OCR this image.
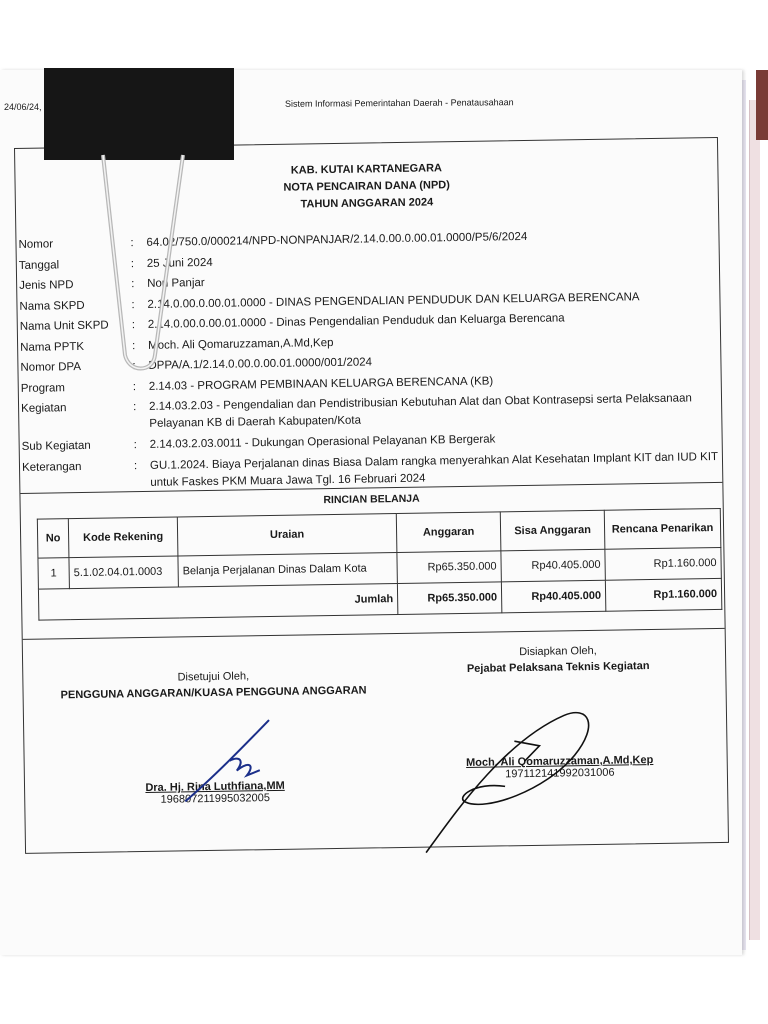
24/06/24,	Sistem Informasi Pemerintahan Daerah - Penatausahaan
KAB. KUTAI KARTANEGARA
NOTA PENCAIRAN DANA (NPD)
TAHUN ANGGARAN 2024
Nomor	:	64.02/750.0/000214/NPD-NONPANJAR/2.14.0.00.0.00.01.0000/P5/6/2024
Tanggal	:	25 Juni 2024
Jenis NPD	:	Non Panjar
Nama SKPD	:	2.14.0.00.0.00.01.0000 - DINAS PENGENDALIAN PENDUDUK DAN KELUARGA BERENCANA
Nama Unit SKPD	:	2.14.0.00.0.00.01.0000 - Dinas Pengendalian Penduduk dan Keluarga Berencana
Nama PPTK	:	Moch. Ali Qomaruzzaman,A.Md,Kep
Nomor DPA	:	DPPA/A.1/2.14.0.00.0.00.01.0000/001/2024
Program	:	2.14.03 - PROGRAM PEMBINAAN KELUARGA BERENCANA (KB)
Kegiatan	:	2.14.03.2.03 - Pengendalian dan Pendistribusian Kebutuhan Alat dan Obat Kontrasepsi serta Pelaksanaan Pelayanan KB di Daerah Kabupaten/Kota
Sub Kegiatan	:	2.14.03.2.03.0011 - Dukungan Operasional Pelayanan KB Bergerak
Keterangan	:	GU.1.2024. Biaya Perjalanan dinas Biasa Dalam rangka menyerahkan Alat Kesehatan Implant KIT dan IUD KIT untuk Faskes PKM Muara Jawa Tgl. 16 Februari 2024
RINCIAN BELANJA
No	Kode Rekening	Uraian	Anggaran	Sisa Anggaran	Rencana Penarikan
1	5.1.02.04.01.0003	Belanja Perjalanan Dinas Dalam Kota	Rp65.350.000	Rp40.405.000	Rp1.160.000
Jumlah			Rp65.350.000	Rp40.405.000	Rp1.160.000
Disetujui Oleh,
PENGGUNA ANGGARAN/KUASA PENGGUNA ANGGARAN
Dra. Hj. Rina Luthfiana,MM
196807211995032005
Disiapkan Oleh,
Pejabat Pelaksana Teknis Kegiatan
Moch. Ali Qomaruzzaman,A.Md,Kep
197112141992031006
